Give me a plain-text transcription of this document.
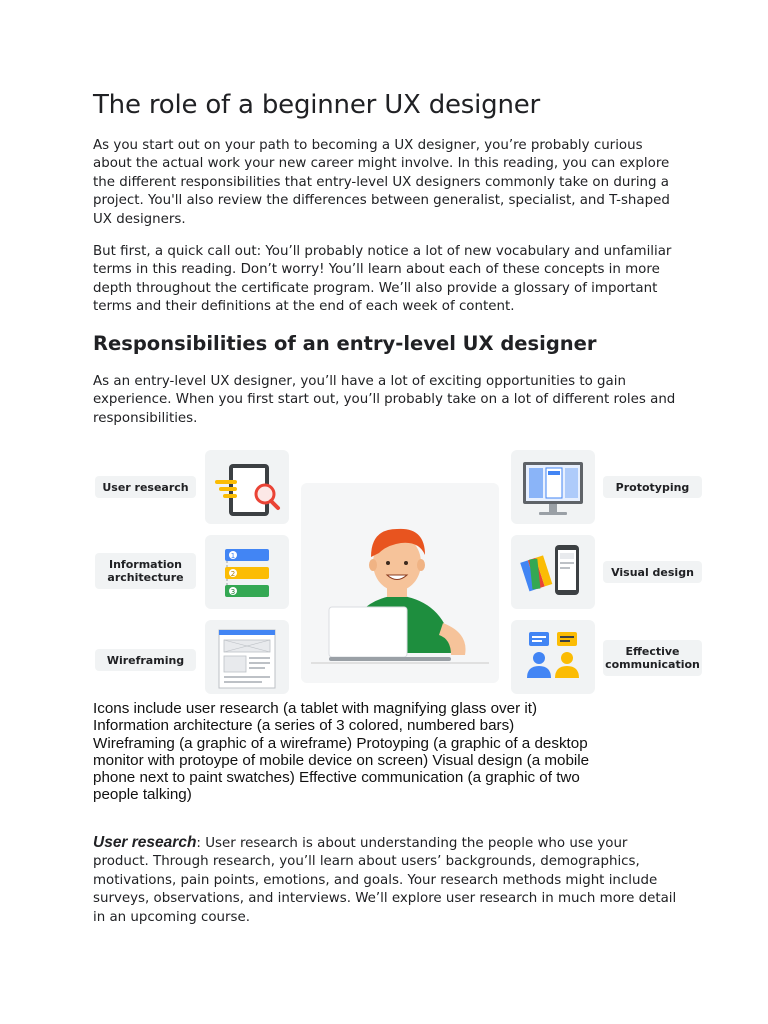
The role of a beginner UX designer

As you start out on your path to becoming a UX designer, you’re probably curious about the actual work your new career might involve. In this reading, you can explore the different responsibilities that entry-level UX designers commonly take on during a project. You'll also review the differences between generalist, specialist, and T-shaped UX designers.

But first, a quick call out: You’ll probably notice a lot of new vocabulary and unfamiliar terms in this reading. Don’t worry! You’ll learn about each of these concepts in more depth throughout the certificate program. We’ll also provide a glossary of important terms and their definitions at the end of each week of content.

Responsibilities of an entry-level UX designer

As an entry-level UX designer, you’ll have a lot of exciting opportunities to gain experience. When you first start out, you’ll probably take on a lot of different roles and responsibilities.

User research
Information architecture
Wireframing
Prototyping
Visual design
Effective communication
1
2
3
Icons include user research (a tablet with magnifying glass over it)
Information architecture (a series of 3 colored, numbered bars)
Wireframing (a graphic of a wireframe) Protoyping (a graphic of a desktop
monitor with protoype of mobile device on screen) Visual design (a mobile
phone next to paint swatches) Effective communication (a graphic of two
people talking)

User research: User research is about understanding the people who use your product. Through research, you’ll learn about users’ backgrounds, demographics, motivations, pain points, emotions, and goals. Your research methods might include surveys, observations, and interviews. We’ll explore user research in much more detail in an upcoming course.
